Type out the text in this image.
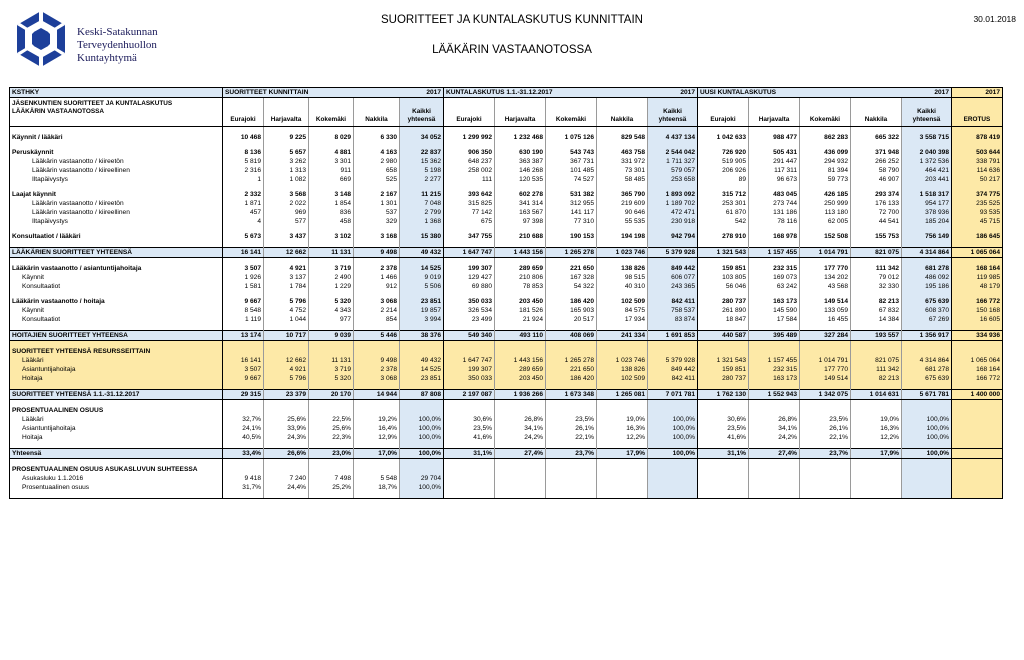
Keski-Satakunnan
Terveydenhuollon
Kuntayhtymä
SUORITTEET JA KUNTALASKUTUS KUNNITTAIN
LÄÄKÄRIN VASTAANOTOSSA
30.01.2018
KSTHKY	SUORITTEET KUNNITTAIN				2017	KUNTALASKUTUS 1.1.-31.12.2017				2017	UUSI KUNTALASKUTUS				2017	2017

JÄSENKUNTIEN SUORITTEET JA KUNTALASKUTUS
LÄÄKÄRIN VASTAANOTOSSA	Eurajoki	Harjavalta	Kokemäki	Nakkila	Kaikki yhteensä	Eurajoki	Harjavalta	Kokemäki	Nakkila	Kaikki yhteensä	Eurajoki	Harjavalta	Kokemäki	Nakkila	Kaikki yhteensä	EROTUS

Käynnit / lääkäri	10 468	9 225	8 029	6 330	34 052	1 299 992	1 232 468	1 075 126	829 548	4 437 134	1 042 633	988 477	862 283	665 322	3 558 715	878 419

Peruskäynnit	8 136	5 657	4 881	4 163	22 837	906 350	630 190	543 743	463 758	2 544 042	726 920	505 431	436 099	371 948	2 040 398	503 644
Lääkärin vastaanotto / kiireetön	5 819	3 262	3 301	2 980	15 362	648 237	363 387	367 731	331 972	1 711 327	519 905	291 447	294 932	266 252	1 372 536	338 791
Lääkärin vastaanotto / kiireellinen	2 316	1 313	911	658	5 198	258 002	146 268	101 485	73 301	579 057	206 926	117 311	81 394	58 790	464 421	114 636
Iltapäivystys	1	1 082	669	525	2 277	111	120 535	74 527	58 485	253 658	89	96 673	59 773	46 907	203 441	50 217

Laajat käynnit	2 332	3 568	3 148	2 167	11 215	393 642	602 278	531 382	365 790	1 893 092	315 712	483 045	426 185	293 374	1 518 317	374 775
Lääkärin vastaanotto / kiireetön	1 871	2 022	1 854	1 301	7 048	315 825	341 314	312 955	219 609	1 189 702	253 301	273 744	250 999	176 133	954 177	235 525
Lääkärin vastaanotto / kiireellinen	457	969	836	537	2 799	77 142	163 567	141 117	90 646	472 471	61 870	131 186	113 180	72 700	378 936	93 535
Iltapäivystys	4	577	458	329	1 368	675	97 398	77 310	55 535	230 918	542	78 116	62 005	44 541	185 204	45 715

Konsultaatiot / lääkäri	5 673	3 437	3 102	3 168	15 380	347 755	210 688	190 153	194 198	942 794	278 910	168 978	152 508	155 753	756 149	186 645

LÄÄKÄRIEN SUORITTEET YHTEENSÄ	16 141	12 662	11 131	9 498	49 432	1 647 747	1 443 156	1 265 278	1 023 746	5 379 928	1 321 543	1 157 455	1 014 791	821 075	4 314 864	1 065 064

Lääkärin vastaanotto / asiantuntijahoitaja	3 507	4 921	3 719	2 378	14 525	199 307	289 659	221 650	138 826	849 442	159 851	232 315	177 770	111 342	681 278	168 164
Käynnit	1 926	3 137	2 490	1 466	9 019	129 427	210 806	167 328	98 515	606 077	103 805	169 073	134 202	79 012	486 092	119 985
Konsultaatiot	1 581	1 784	1 229	912	5 506	69 880	78 853	54 322	40 310	243 365	56 046	63 242	43 568	32 330	195 186	48 179

Lääkärin vastaanotto / hoitaja	9 667	5 796	5 320	3 068	23 851	350 033	203 450	186 420	102 509	842 411	280 737	163 173	149 514	82 213	675 639	166 772
Käynnit	8 548	4 752	4 343	2 214	19 857	326 534	181 526	165 903	84 575	758 537	261 890	145 590	133 059	67 832	608 370	150 168
Konsultaatiot	1 119	1 044	977	854	3 994	23 499	21 924	20 517	17 934	83 874	18 847	17 584	16 455	14 384	67 269	16 605

HOITAJIEN SUORITTEET YHTEENSA	13 174	10 717	9 039	5 446	38 376	549 340	493 110	408 069	241 334	1 691 853	440 587	395 489	327 284	193 557	1 356 917	334 936

SUORITTEET YHTEENSÄ RESURSSEITTAIN																
Lääkäri	16 141	12 662	11 131	9 498	49 432	1 647 747	1 443 156	1 265 278	1 023 746	5 379 928	1 321 543	1 157 455	1 014 791	821 075	4 314 864	1 065 064
Asiantuntijahoitaja	3 507	4 921	3 719	2 378	14 525	199 307	289 659	221 650	138 826	849 442	159 851	232 315	177 770	111 342	681 278	168 164
Hoitaja	9 667	5 796	5 320	3 068	23 851	350 033	203 450	186 420	102 509	842 411	280 737	163 173	149 514	82 213	675 639	166 772

SUORITTEET YHTEENSÄ 1.1.-31.12.2017	29 315	23 379	20 170	14 944	87 808	2 197 087	1 936 266	1 673 348	1 265 081	7 071 781	1 762 130	1 552 943	1 342 075	1 014 631	5 671 781	1 400 000

PROSENTUAALINEN OSUUS																
Lääkäri	32,7%	25,6%	22,5%	19,2%	100,0%	30,6%	26,8%	23,5%	19,0%	100,0%	30,6%	26,8%	23,5%	19,0%	100,0%	
Asiantuntijahoitaja	24,1%	33,9%	25,6%	16,4%	100,0%	23,5%	34,1%	26,1%	16,3%	100,0%	23,5%	34,1%	26,1%	16,3%	100,0%	
Hoitaja	40,5%	24,3%	22,3%	12,9%	100,0%	41,6%	24,2%	22,1%	12,2%	100,0%	41,6%	24,2%	22,1%	12,2%	100,0%	

Yhteensä	33,4%	26,6%	23,0%	17,0%	100,0%	31,1%	27,4%	23,7%	17,9%	100,0%	31,1%	27,4%	23,7%	17,9%	100,0%	

PROSENTUAALINEN OSUUS ASUKASLUVUN SUHTEESSA																
Asukasluku 1.1.2016	9 418	7 240	7 498	5 548	29 704											
Prosentuaalinen osuus	31,7%	24,4%	25,2%	18,7%	100,0%											
